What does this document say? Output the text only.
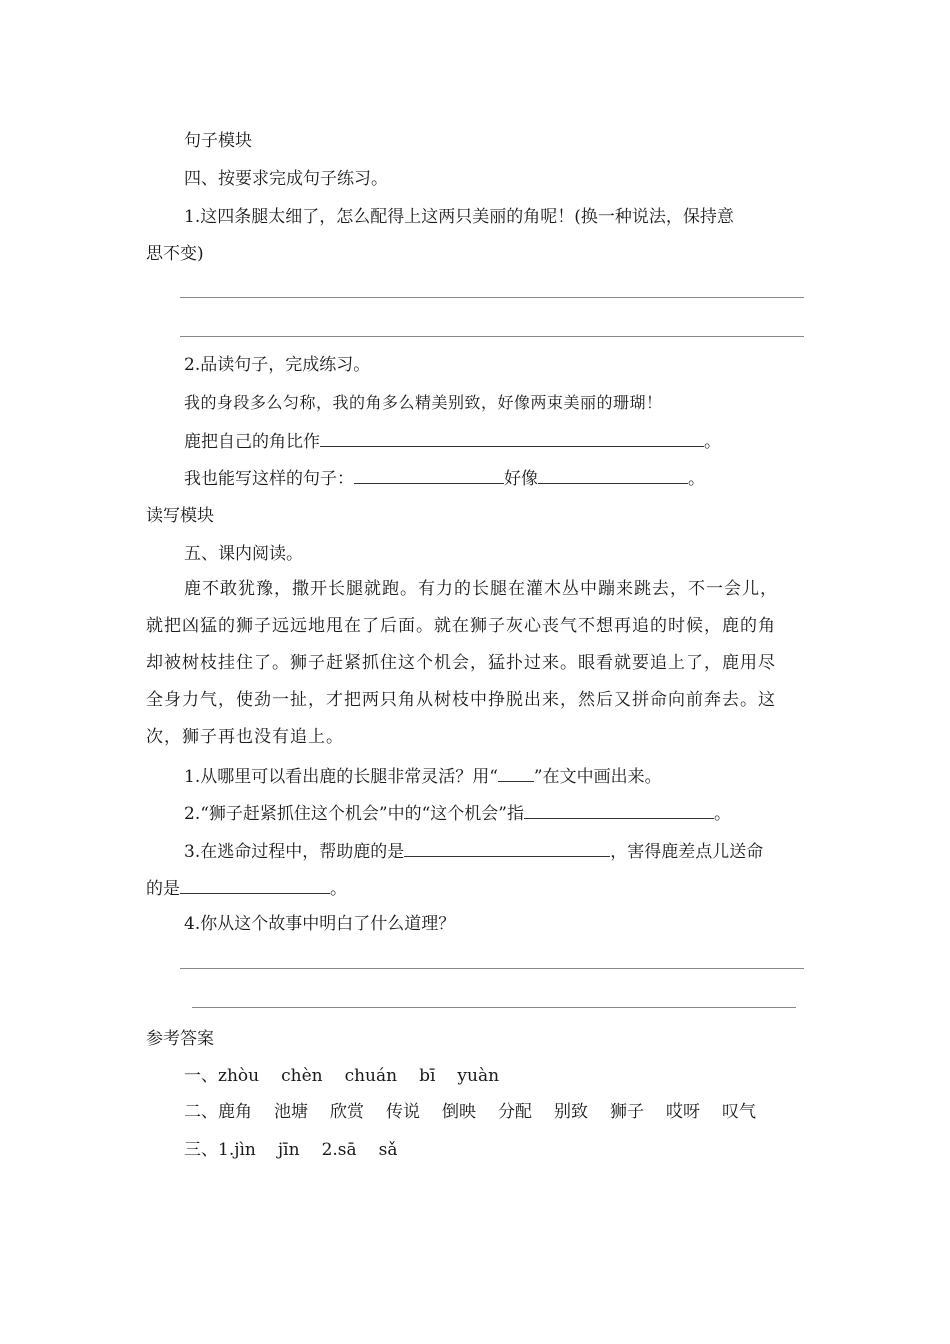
句子模块
四、按要求完成句子练习。
1.这四条腿太细了，怎么配得上这两只美丽的角呢！(换一种说法，保持意
思不变)
2.品读句子，完成练习。
我的身段多么匀称，我的角多么精美别致，好像两束美丽的珊瑚！
鹿把自己的角比作	。
我也能写这样的句子：	好像	。
读写模块
五、课内阅读。
鹿不敢犹豫，撒开长腿就跑。有力的长腿在灌木丛中蹦来跳去，不一会儿，
就把凶猛的狮子远远地甩在了后面。就在狮子灰心丧气不想再追的时候，鹿的角
却被树枝挂住了。狮子赶紧抓住这个机会，猛扑过来。眼看就要追上了，鹿用尽
全身力气，使劲一扯，才把两只角从树枝中挣脱出来，然后又拼命向前奔去。这
次，狮子再也没有追上。
1.从哪里可以看出鹿的长腿非常灵活？用“ ”在文中画出来。
2.“狮子赶紧抓住这个机会”中的“这个机会”指	。
3.在逃命过程中，帮助鹿的是	，害得鹿差点儿送命
的是	。
4.你从这个故事中明白了什么道理？
参考答案
一、zhòu chèn chuán bī yuàn
二、鹿角 池塘 欣赏 传说 倒映 分配 别致 狮子 哎呀 叹气
三、1.jìn jīn 2.sā sǎ
